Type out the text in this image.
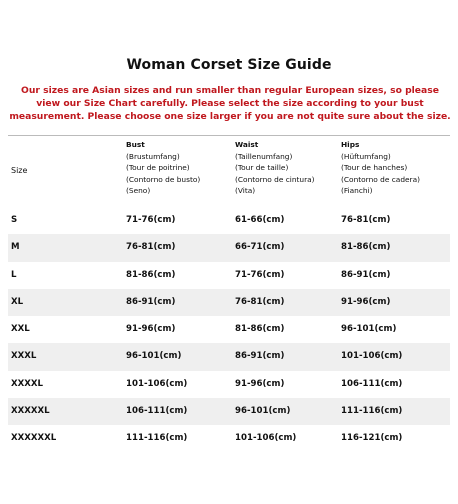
Woman Corset Size Guide
Our sizes are Asian sizes and run smaller than regular European sizes, so please view our Size Chart carefully. Please select the size according to your bust measurement. Please choose one size larger if you are not quite sure about the size.
Size
Bust
(Brustumfang)
(Tour de poitrine)
(Contorno de busto)
(Seno)
Waist
(Taillenumfang)
(Tour de taille)
(Contorno de cintura)
(Vita)
Hips
(Hüftumfang)
(Tour de hanches)
(Contorno de cadera)
(Fianchi)
S	71-76(cm)	61-66(cm)	76-81(cm)
M	76-81(cm)	66-71(cm)	81-86(cm)
L	81-86(cm)	71-76(cm)	86-91(cm)
XL	86-91(cm)	76-81(cm)	91-96(cm)
XXL	91-96(cm)	81-86(cm)	96-101(cm)
XXXL	96-101(cm)	86-91(cm)	101-106(cm)
XXXXL	101-106(cm)	91-96(cm)	106-111(cm)
XXXXXL	106-111(cm)	96-101(cm)	111-116(cm)
XXXXXXL	111-116(cm)	101-106(cm)	116-121(cm)
